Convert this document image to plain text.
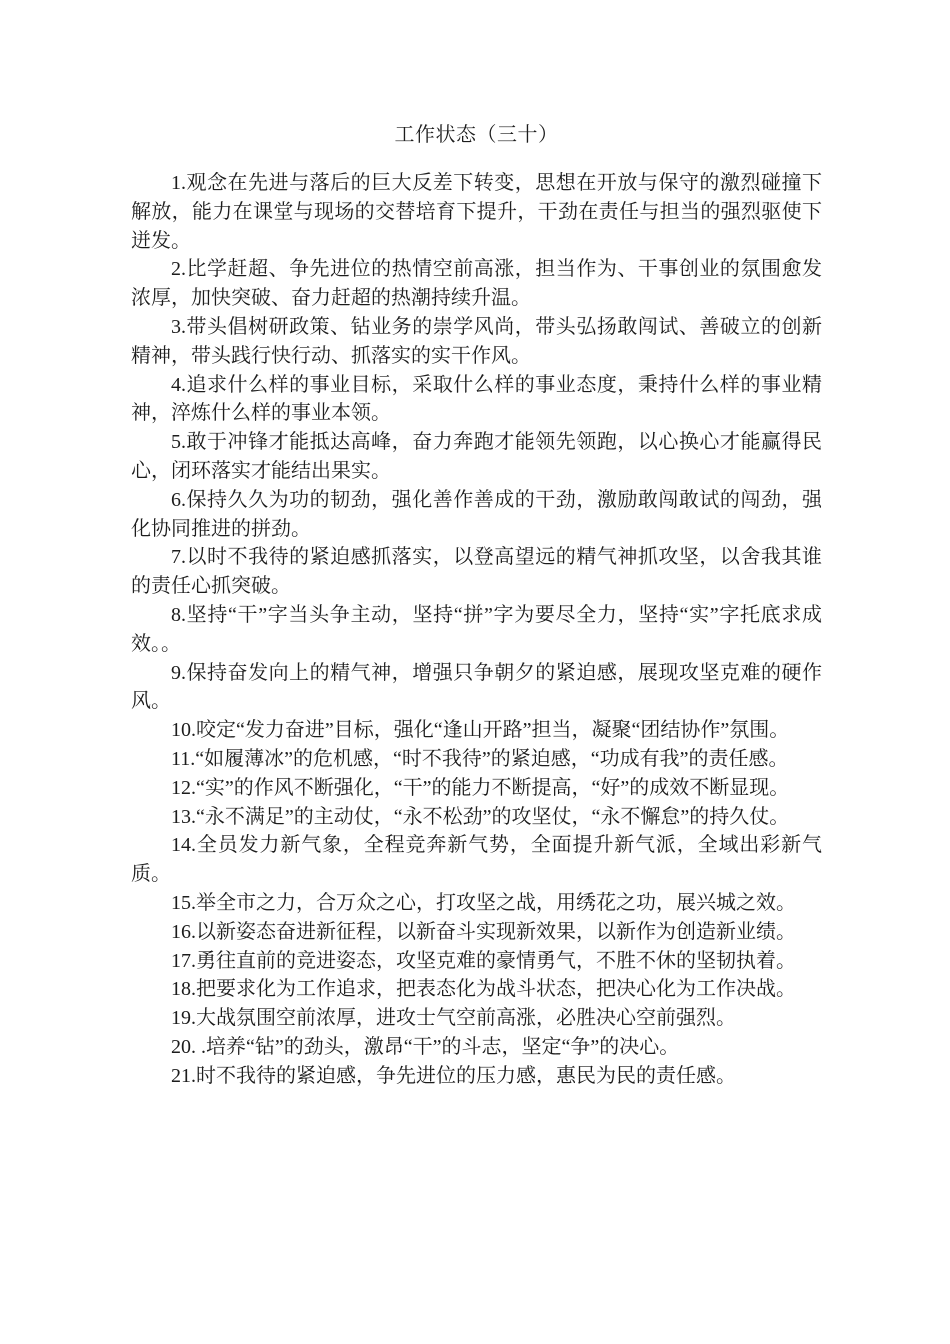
工作状态（三十）

1.观念在先进与落后的巨大反差下转变，思想在开放与保守的激烈碰撞下解放，能力在课堂与现场的交替培育下提升，干劲在责任与担当的强烈驱使下迸发。

2.比学赶超、争先进位的热情空前高涨，担当作为、干事创业的氛围愈发浓厚，加快突破、奋力赶超的热潮持续升温。

3.带头倡树研政策、钻业务的崇学风尚，带头弘扬敢闯试、善破立的创新精神，带头践行快行动、抓落实的实干作风。

4.追求什么样的事业目标，采取什么样的事业态度，秉持什么样的事业精神，淬炼什么样的事业本领。

5.敢于冲锋才能抵达高峰，奋力奔跑才能领先领跑，以心换心才能赢得民心，闭环落实才能结出果实。

6.保持久久为功的韧劲，强化善作善成的干劲，激励敢闯敢试的闯劲，强化协同推进的拼劲。

7.以时不我待的紧迫感抓落实，以登高望远的精气神抓攻坚，以舍我其谁的责任心抓突破。

8.坚持“干”字当头争主动，坚持“拼”字为要尽全力，坚持“实”字托底求成效。。

9.保持奋发向上的精气神，增强只争朝夕的紧迫感，展现攻坚克难的硬作风。

10.咬定“发力奋进”目标，强化“逢山开路”担当，凝聚“团结协作”氛围。

11.“如履薄冰”的危机感，“时不我待”的紧迫感，“功成有我”的责任感。

12.“实”的作风不断强化，“干”的能力不断提高，“好”的成效不断显现。

13.“永不满足”的主动仗，“永不松劲”的攻坚仗，“永不懈怠”的持久仗。

14.全员发力新气象，全程竞奔新气势，全面提升新气派，全域出彩新气质。

15.举全市之力，合万众之心，打攻坚之战，用绣花之功，展兴城之效。

16.以新姿态奋进新征程，以新奋斗实现新效果，以新作为创造新业绩。

17.勇往直前的竞进姿态，攻坚克难的豪情勇气，不胜不休的坚韧执着。

18.把要求化为工作追求，把表态化为战斗状态，把决心化为工作决战。

19.大战氛围空前浓厚，进攻士气空前高涨，必胜决心空前强烈。

20. .培养“钻”的劲头，激昂“干”的斗志，坚定“争”的决心。

21.时不我待的紧迫感，争先进位的压力感，惠民为民的责任感。
